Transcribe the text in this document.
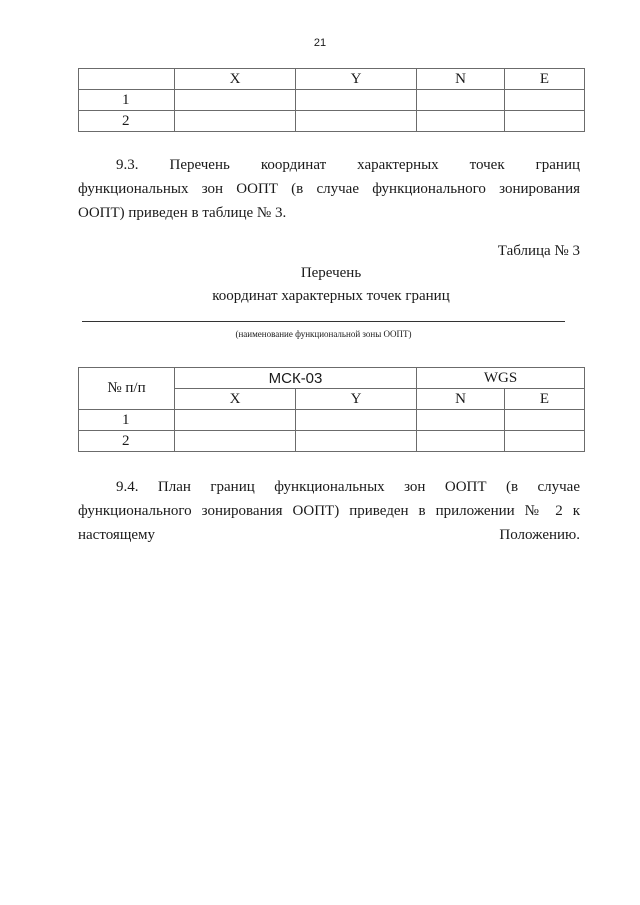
21
	X	Y	N	E
1				
2				
9.3. Перечень координат характерных точек границ
функциональных зон ООПТ (в случае функционального зонирования
ООПТ) приведен в таблице № 3.
Таблица № 3
Перечень
координат характерных точек границ
(наименование функциональной зоны ООПТ)
№ п/п	МСК-03		WGS	
	X	Y	N	E
1				
2				
9.4. План границ функциональных зон ООПТ (в случае
функционального зонирования ООПТ) приведен в приложении № 2 к
настоящему Положению.
